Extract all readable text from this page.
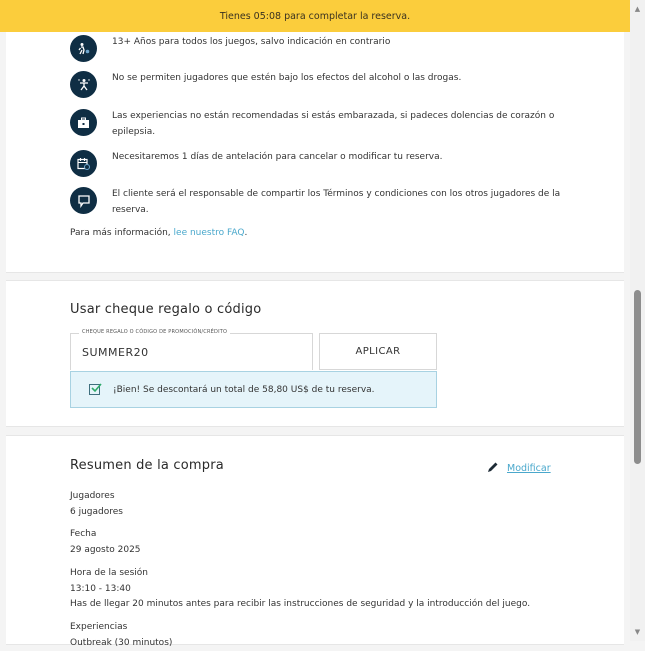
Tienes 05:08 para completar la reserva.
13+ Años para todos los juegos, salvo indicación en contrario
No se permiten jugadores que estén bajo los efectos del alcohol o las drogas.
Las experiencias no están recomendadas si estás embarazada, si padeces dolencias de corazón o epilepsia.
Necesitaremos 1 días de antelación para cancelar o modificar tu reserva.
El cliente será el responsable de compartir los Términos y condiciones con los otros jugadores de la reserva.
Para más información, lee nuestro FAQ.
Usar cheque regalo o código
CHEQUE REGALO O CÓDIGO DE PROMOCIÓN/CRÉDITO
SUMMER20
APLICAR
¡Bien! Se descontará un total de 58,80 US$ de tu reserva.
Resumen de la compra	Modificar
Jugadores
6 jugadores
Fecha
29 agosto 2025
Hora de la sesión
13:10 - 13:40
Has de llegar 20 minutos antes para recibir las instrucciones de seguridad y la introducción del juego.
Experiencias
Outbreak (30 minutos)
▲
▼
